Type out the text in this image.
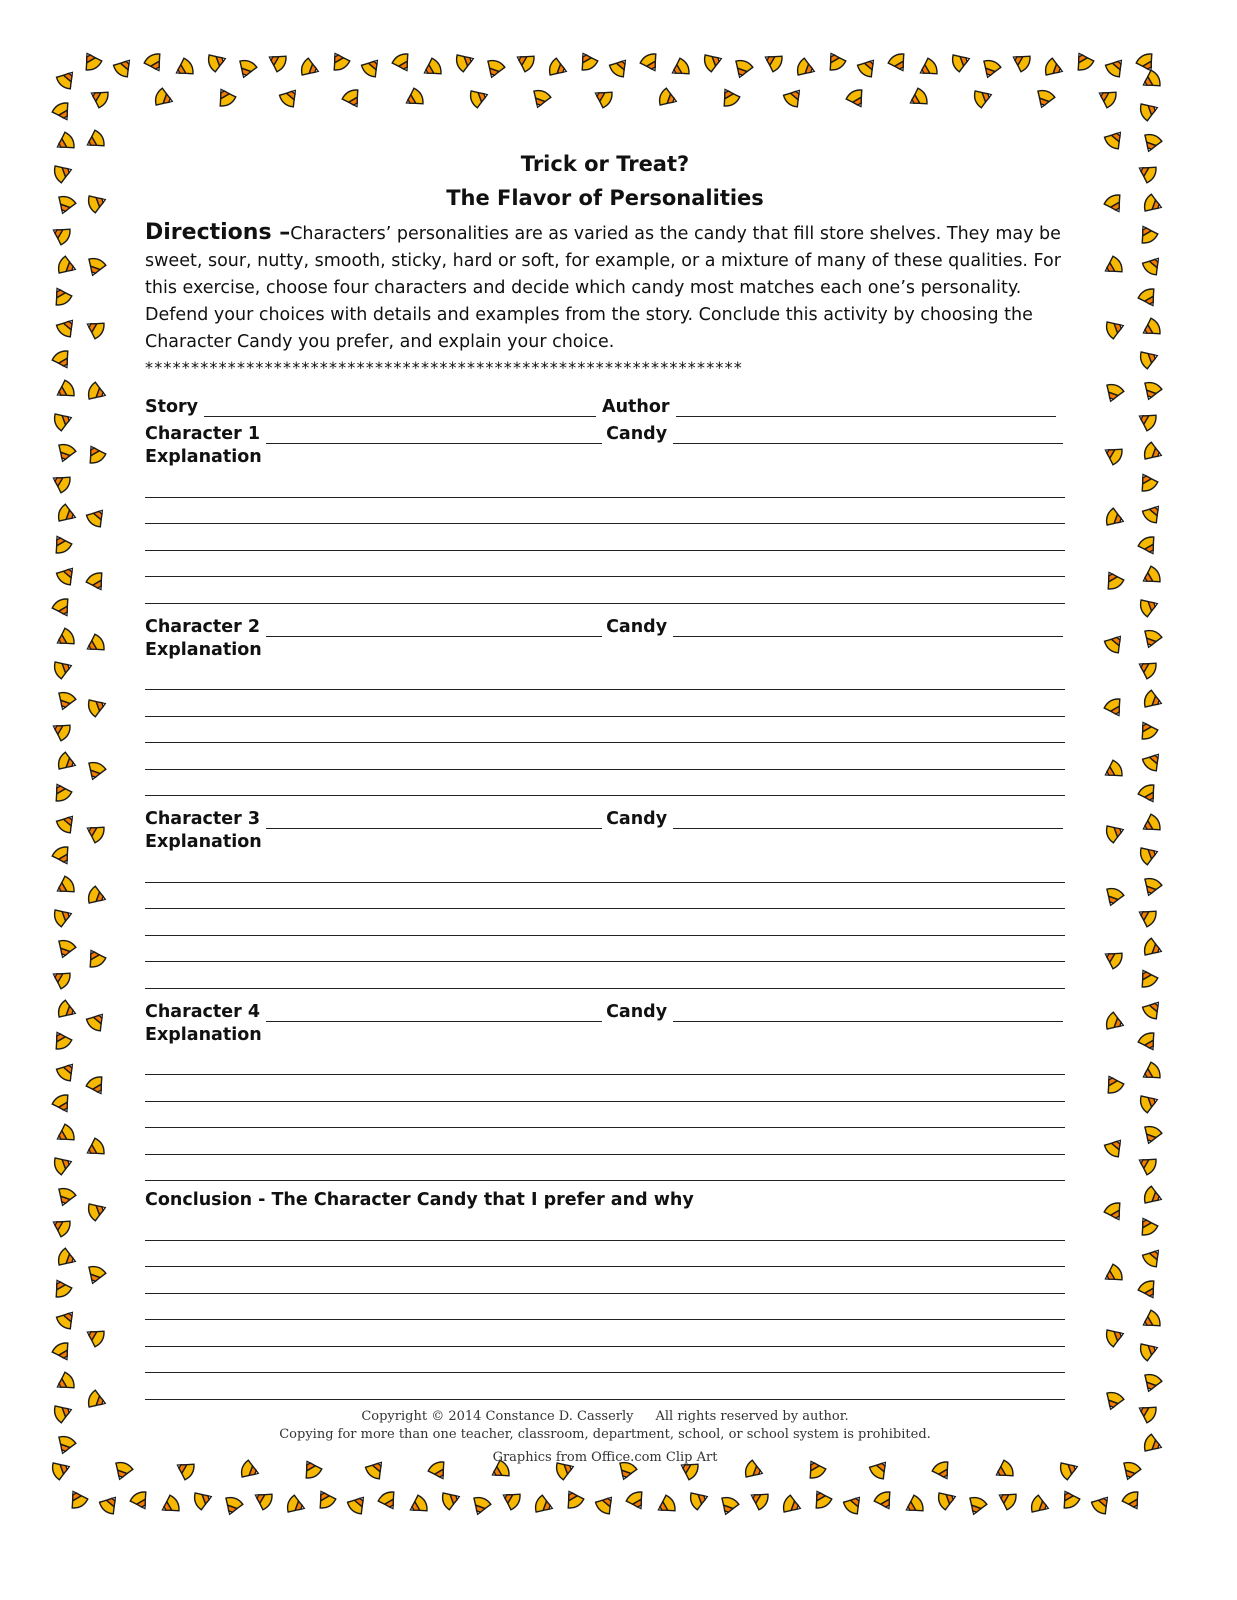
Trick or Treat?
The Flavor of Personalities
Directions –Characters’ personalities are as varied as the candy that fill store shelves. They may be sweet, sour, nutty, smooth, sticky, hard or soft, for example, or a mixture of many of these qualities. For this exercise, choose four characters and decide which candy most matches each one’s personality. Defend your choices with details and examples from the story. Conclude this activity by choosing the Character Candy you prefer, and explain your choice.
*****************************************************************
Story	Author
Character 1	Candy
Explanation
Character 2	Candy
Explanation
Character 3	Candy
Explanation
Character 4	Candy
Explanation
Conclusion - The Character Candy that I prefer and why
Copyright © 2014 Constance D. Casserly All rights reserved by author.
Copying for more than one teacher, classroom, department, school, or school system is prohibited.
Graphics from Office.com Clip Art
